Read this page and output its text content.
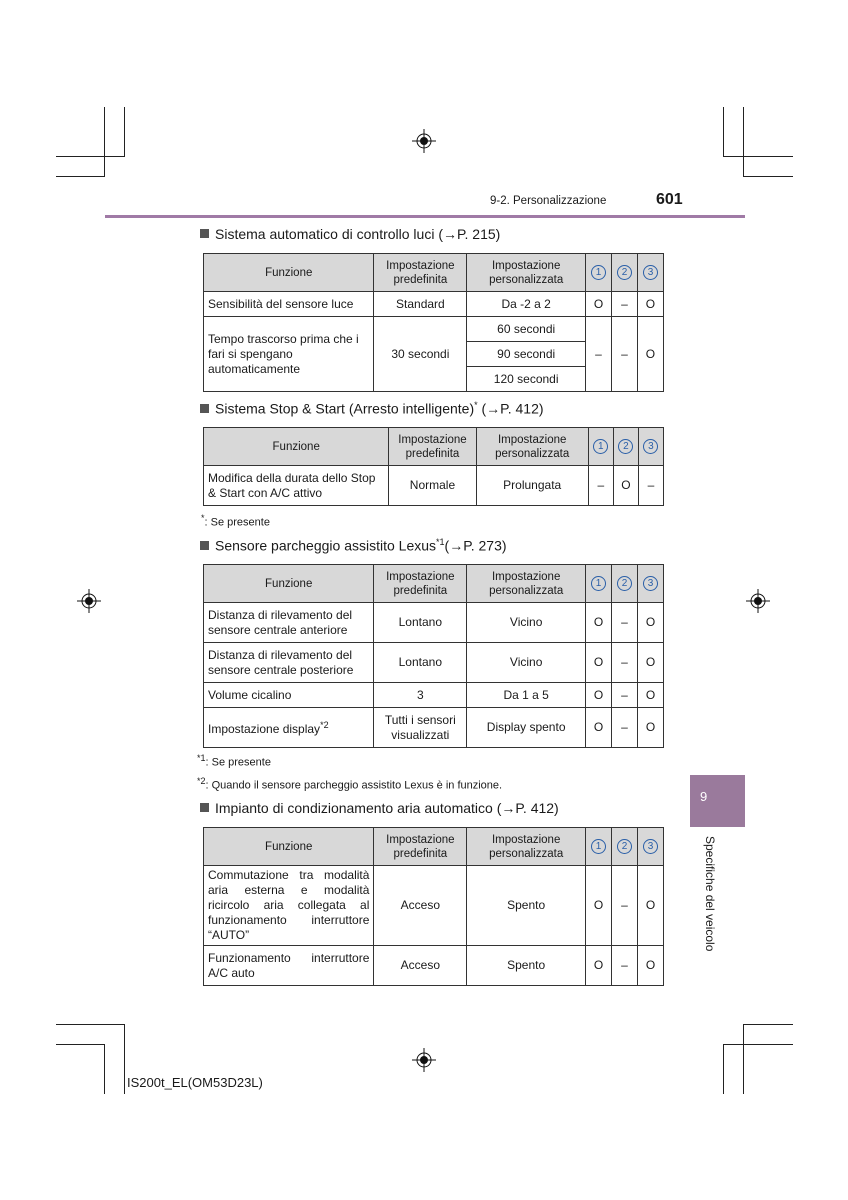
9-2. Personalizzazione	601
9
Specifiche del veicolo
Sistema automatico di controllo luci (→P. 215)
Funzione	Impostazione predefinita	Impostazione personalizzata	1	2	3
Sensibilità del sensore luce	Standard	Da -2 a 2	O	–	O
Tempo trascorso prima che i fari si spengano automaticamente	30 secondi	60 secondi	–	–	O
		90 secondi			
		120 secondi			
Sistema Stop & Start (Arresto intelligente)* (→P. 412)
Funzione	Impostazione predefinita	Impostazione personalizzata	1	2	3
Modifica della durata dello Stop & Start con A/C attivo	Normale	Prolungata	–	O	–
*: Se presente
Sensore parcheggio assistito Lexus$^{*1}$(→P. 273)
Funzione	Impostazione predefinita	Impostazione personalizzata	1	2	3
Distanza di rilevamento del sensore centrale anteriore	Lontano	Vicino	O	–	O
Distanza di rilevamento del sensore centrale posteriore	Lontano	Vicino	O	–	O
Volume cicalino	3	Da 1 a 5	O	–	O
Impostazione display$^{*2}$	Tutti i sensori visualizzati	Display spento	O	–	O
$^{*1}$: Se presente
$^{*2}$: Quando il sensore parcheggio assistito Lexus è in funzione.
Impianto di condizionamento aria automatico (→P. 412)
Funzione	Impostazione predefinita	Impostazione personalizzata	1	2	3
Commutazione tra modalità aria esterna e modalità ricircolo aria collegata al funzionamento interruttore “AUTO”	Acceso	Spento	O	–	O
Funzionamento interruttore A/C auto	Acceso	Spento	O	–	O
IS200t_EL(OM53D23L)
